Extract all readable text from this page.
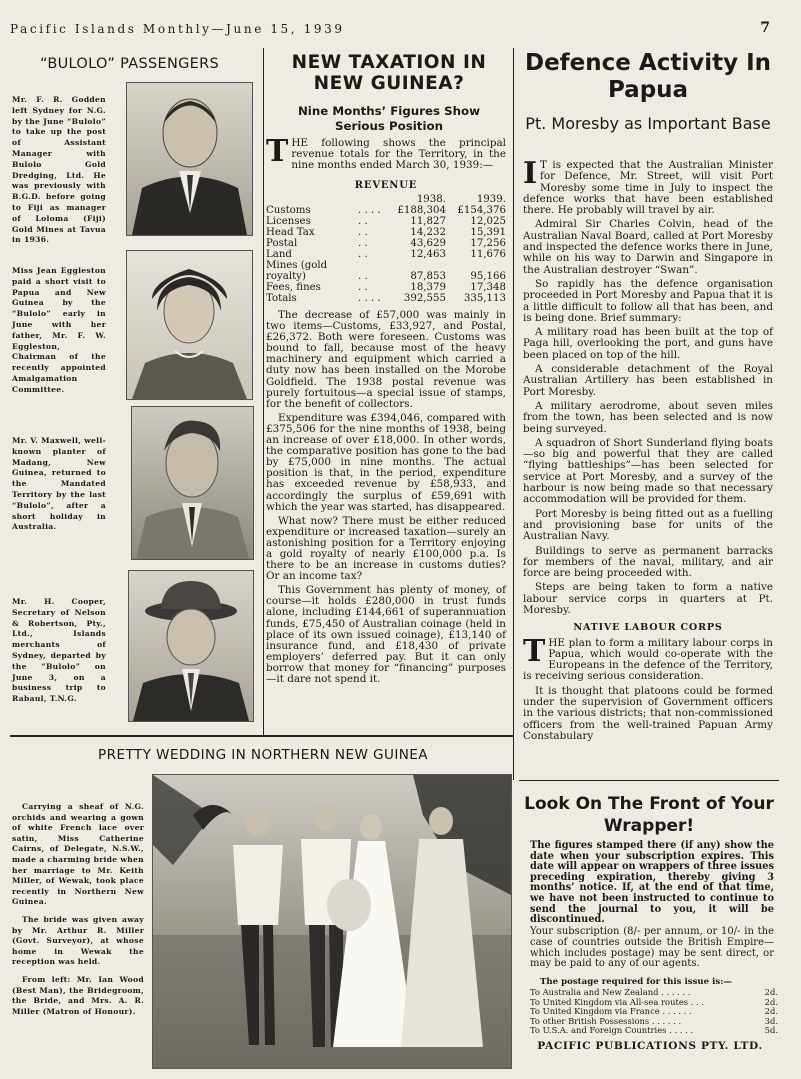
Pacific Islands Monthly—June 15, 1939	7
“BULOLO” PASSENGERS
Mr. F. R. Godden left Sydney for N.G. by the June “Bulolo” to take up the post of Assistant Manager with Bulolo Gold Dredging, Ltd. He was previously with B.G.D. before going to Fiji as manager of Loloma (Fiji) Gold Mines at Tavua in 1936.
Miss Jean Eggleston paid a short visit to Papua and New Guinea by the “Bulolo” early in June with her father, Mr. F. W. Eggleston, Chairman of the recently appointed Amalgamation Committee.
Mr. V. Maxwell, well-known planter of Madang, New Guinea, returned to the Mandated Territory by the last “Bulolo”, after a short holiday in Australia.
Mr. H. Cooper, Secretary of Nelson & Robertson, Pty., Ltd., Islands merchants of Sydney, departed by the “Bulolo” on June 3, on a business trip to Rabaul, T.N.G.
NEW TAXATION IN NEW GUINEA?
Nine Months’ Figures Show Serious Position
THE following shows the principal revenue totals for the Territory, in the nine months ended March 30, 1939:—
REVENUE
		1938.	1939.
Customs	. . . .	£188,304	£154,376
Licenses	. .	11,827	12,025
Head Tax	. .	14,232	15,391
Postal	. .	43,629	17,256
Land	. .	12,463	11,676
Mines (gold royalty)	. .	87,853	95,166
Fees, fines	. .	18,379	17,348
Totals	. . . .	392,555	335,113

The decrease of £57,000 was mainly in two items—Customs, £33,927, and Postal, £26,372. Both were foreseen. Customs was bound to fall, because most of the heavy machinery and equipment which carried a duty now has been installed on the Morobe Goldfield. The 1938 postal revenue was purely fortuitous—a special issue of stamps, for the benefit of collectors.

Expenditure was £394,046, compared with £375,506 for the nine months of 1938, being an increase of over £18,000. In other words, the comparative position has gone to the bad by £75,000 in nine months. The actual position is that, in the period, expenditure has exceeded revenue by £58,933, and accordingly the surplus of £59,691 with which the year was started, has disappeared.

What now? There must be either reduced expenditure or increased taxation—surely an astonishing position for a Territory enjoying a gold royalty of nearly £100,000 p.a. Is there to be an increase in customs duties? Or an income tax?

This Government has plenty of money, of course—it holds £280,000 in trust funds alone, including £144,661 of superannuation funds, £75,450 of Australian coinage (held in place of its own issued coinage), £13,140 of insurance fund, and £18,430 of private employers’ deferred pay. But it can only borrow that money for “financing” purposes—it dare not spend it.

Defence Activity In Papua
Pt. Moresby as Important Base

I T is expected that the Australian Minister for Defence, Mr. Street, will visit Port Moresby some time in July to inspect the defence works that have been established there. He probably will travel by air.

Admiral Sir Charles Colvin, head of the Australian Naval Board, called at Port Moresby and inspected the defence works there in June, while on his way to Darwin and Singapore in the Australian destroyer “Swan”.

So rapidly has the defence organisation proceeded in Port Moresby and Papua that it is a little difficult to follow all that has been, and is being done. Brief summary:

A military road has been built at the top of Paga hill, overlooking the port, and guns have been placed on top of the hill.

A considerable detachment of the Royal Australian Artillery has been established in Port Moresby.

A military aerodrome, about seven miles from the town, has been selected and is now being surveyed.

A squadron of Short Sunderland flying boats—so big and powerful that they are called “flying battleships”—has been selected for service at Port Moresby, and a survey of the harbour is now being made so that necessary accommodation will be provided for them.

Port Moresby is being fitted out as a fuelling and provisioning base for units of the Australian Navy.

Buildings to serve as permanent barracks for members of the naval, military, and air force are being proceeded with.

Steps are being taken to form a native labour service corps in quarters at Pt. Moresby.

NATIVE LABOUR CORPS

THE plan to form a military labour corps in Papua, which would co-operate with the Europeans in the defence of the Territory, is receiving serious consideration.

It is thought that platoons could be formed under the supervision of Government officers in the various districts; that non-commissioned officers from the well-trained Papuan Army Constabulary

PRETTY WEDDING IN NORTHERN NEW GUINEA
Carrying a sheaf of N.G. orchids and wearing a gown of white French lace over satin, Miss Catherine Cairns, of Delegate, N.S.W., made a charming bride when her marriage to Mr. Keith Miller, of Wewak, took place recently in Northern New Guinea.
The bride was given away by Mr. Arthur R. Miller (Govt. Surveyor), at whose home in Wewak the reception was held.
From left: Mr. Ian Wood (Best Man), the Bridegroom, the Bride, and Mrs. A. R. Miller (Matron of Honour).
Look On The Front of Your Wrapper!
The figures stamped there (if any) show the date when your subscription expires. This date will appear on wrappers of three issues preceding expiration, thereby giving 3 months’ notice. If, at the end of that time, we have not been instructed to continue to send the journal to you, it will be discontinued.
Your subscription (8/- per annum, or 10/- in the case of countries outside the British Empire—which includes postage) may be sent direct, or may be paid to any of our agents.
The postage required for this issue is:—
To Australia and New Zealand . . . . . .	2d.
To United Kingdom via All-sea routes . . .	2d.
To United Kingdom via France . . . . . .	2d.
To other British Possessions . . . . . .	3d.
To U.S.A. and Foreign Countries . . . . .	5d.
PACIFIC PUBLICATIONS PTY. LTD.
